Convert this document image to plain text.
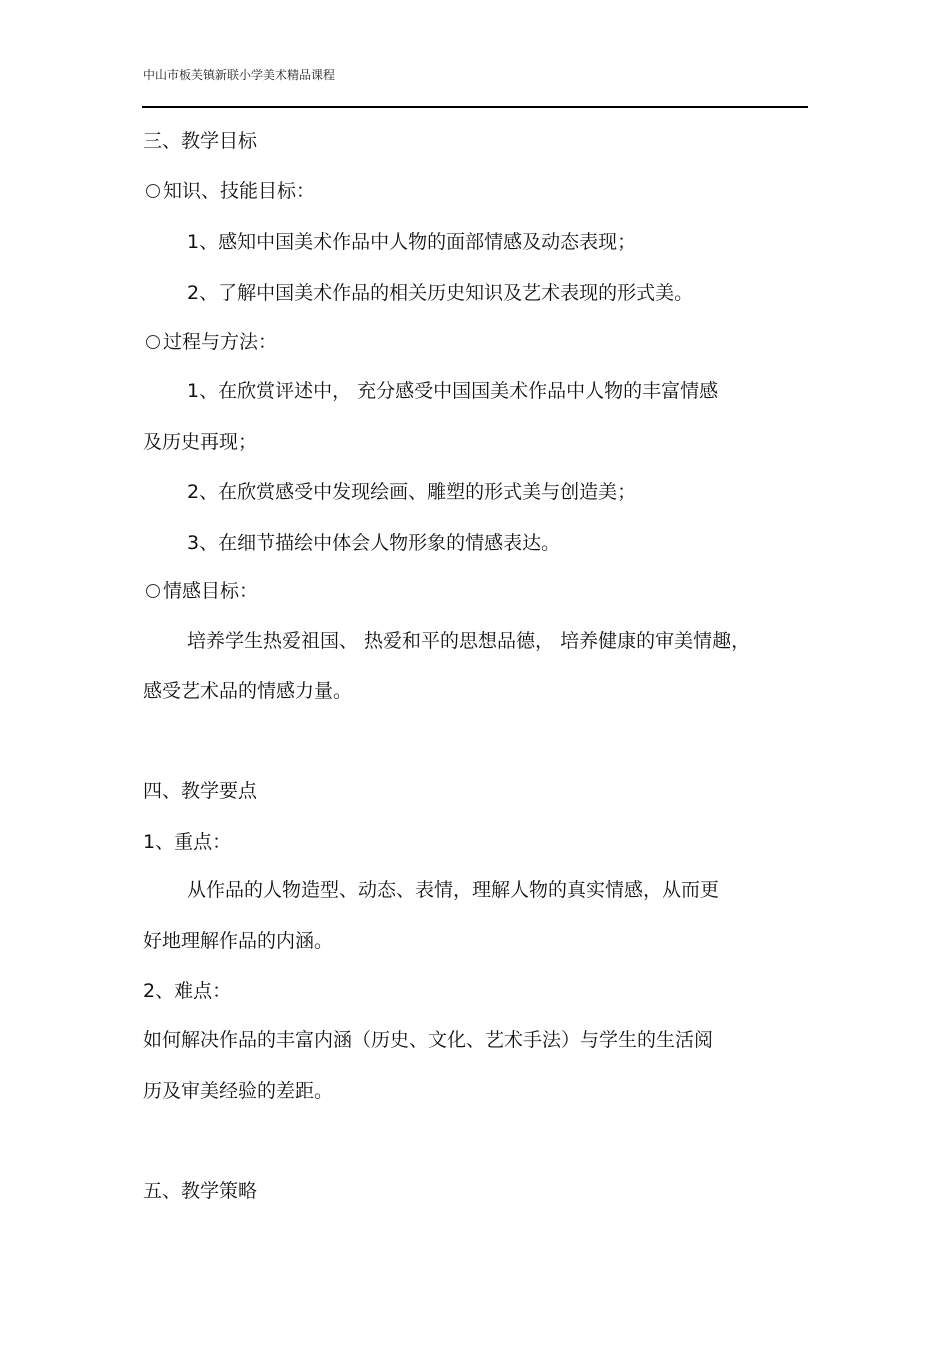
中山市板芙镇新联小学美术精品课程
三、教学目标
知识、技能目标：
1、感知中国美术作品中人物的面部情感及动态表现；
2、了解中国美术作品的相关历史知识及艺术表现的形式美。
过程与方法：
1、在欣赏评述中， 充分感受中国国美术作品中人物的丰富情感
及历史再现；
2、在欣赏感受中发现绘画、雕塑的形式美与创造美；
3、在细节描绘中体会人物形象的情感表达。
情感目标：
培养学生热爱祖国、 热爱和平的思想品德， 培养健康的审美情趣，
感受艺术品的情感力量。
四、教学要点
1、重点：
从作品的人物造型、动态、表情，理解人物的真实情感，从而更
好地理解作品的内涵。
2、难点：
如何解决作品的丰富内涵（历史、文化、艺术手法）与学生的生活阅
历及审美经验的差距。
五、教学策略
